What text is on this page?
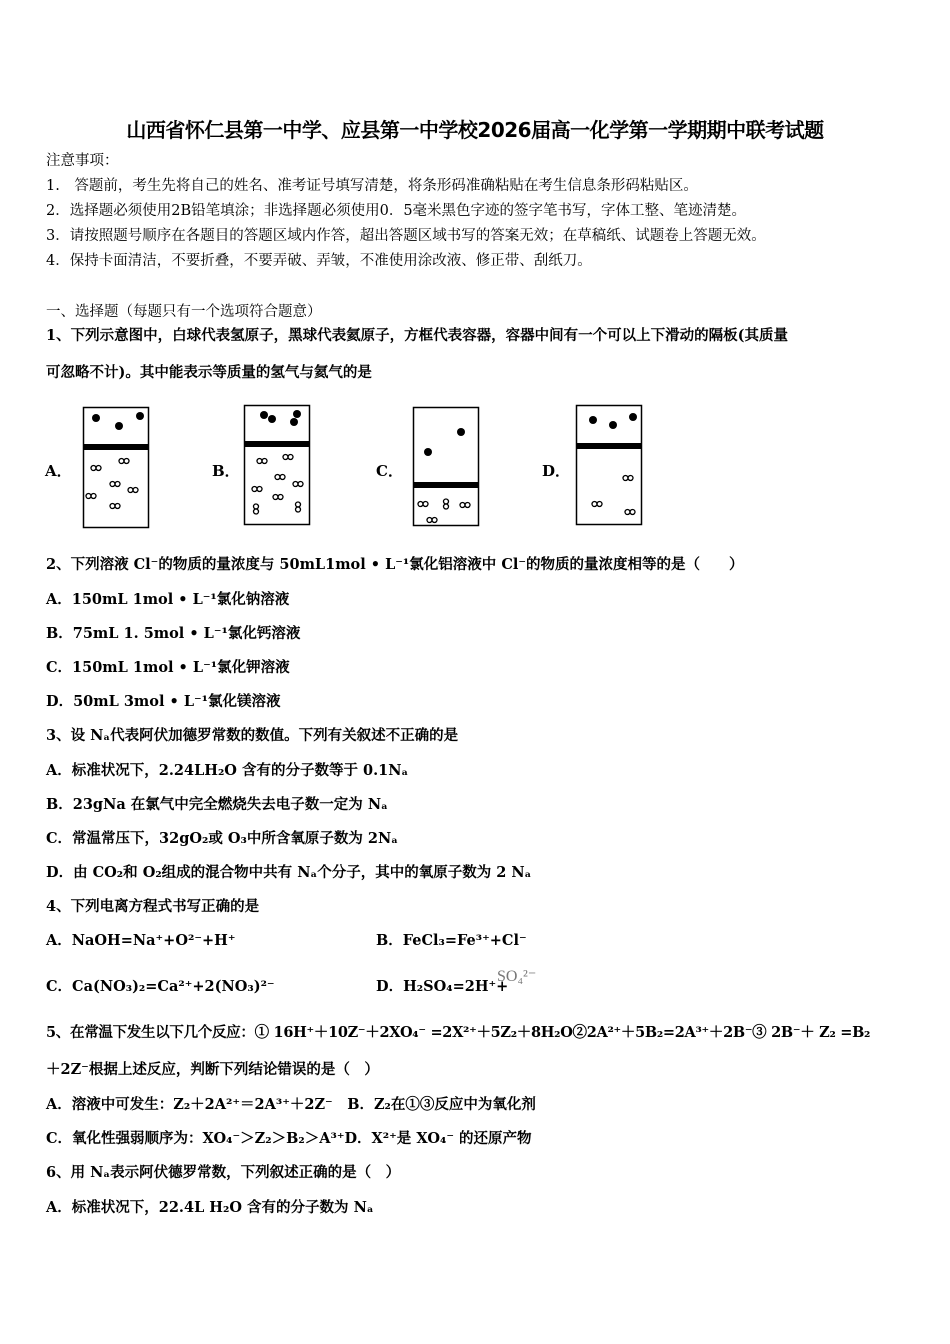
山西省怀仁县第一中学、应县第一中学校2026届高一化学第一学期期中联考试题
注意事项：
1.　答题前，考生先将自己的姓名、准考证号填写清楚，将条形码准确粘贴在考生信息条形码粘贴区。
2．选择题必须使用2B铅笔填涂；非选择题必须使用0．5毫米黑色字迹的签字笔书写，字体工整、笔迹清楚。
3．请按照题号顺序在各题目的答题区域内作答，超出答题区域书写的答案无效；在草稿纸、试题卷上答题无效。
4．保持卡面清洁，不要折叠，不要弄破、弄皱，不准使用涂改液、修正带、刮纸刀。
一、选择题（每题只有一个选项符合题意）
1、下列示意图中，白球代表氢原子，黑球代表氦原子，方框代表容器，容器中间有一个可以上下滑动的隔板(其质量
可忽略不计)。其中能表示等质量的氢气与氦气的是
A．	B．	C．	D．
2、下列溶液 Cl⁻的物质的量浓度与 50mL1mol • L⁻¹氯化铝溶液中 Cl⁻的物质的量浓度相等的是（　　）
A．150mL 1mol • L⁻¹氯化钠溶液
B．75mL 1. 5mol • L⁻¹氯化钙溶液
C．150mL 1mol • L⁻¹氯化钾溶液
D．50mL 3mol • L⁻¹氯化镁溶液
3、设 Nₐ代表阿伏加德罗常数的数值。下列有关叙述不正确的是
A．标准状况下，2.24LH₂O 含有的分子数等于 0.1Nₐ
B．23gNa 在氯气中完全燃烧失去电子数一定为 Nₐ
C．常温常压下，32gO₂或 O₃中所含氧原子数为 2Nₐ
D．由 CO₂和 O₂组成的混合物中共有 Nₐ个分子，其中的氧原子数为 2 Nₐ
4、下列电离方程式书写正确的是
A．NaOH=Na⁺+O²⁻+H⁺	B．FeCl₃=Fe³⁺+Cl⁻
C．Ca(NO₃)₂=Ca²⁺+2(NO₃)²⁻	D．H₂SO₄=2H⁺+
SO₄²⁻
5、在常温下发生以下几个反应：① 16H⁺＋10Z⁻＋2XO₄⁻ =2X²⁺＋5Z₂＋8H₂O②2A²⁺＋5B₂=2A³⁺＋2B⁻③ 2B⁻＋ Z₂ =B₂
＋2Z⁻根据上述反应，判断下列结论错误的是（　）
A．溶液中可发生：Z₂＋2A²⁺＝2A³⁺＋2Z⁻　B．Z₂在①③反应中为氧化剂
C．氧化性强弱顺序为：XO₄⁻＞Z₂＞B₂＞A³⁺D．X²⁺是 XO₄⁻ 的还原产物
6、用 Nₐ表示阿伏德罗常数，下列叙述正确的是（　）
A．标准状况下，22.4L H₂O 含有的分子数为 Nₐ
